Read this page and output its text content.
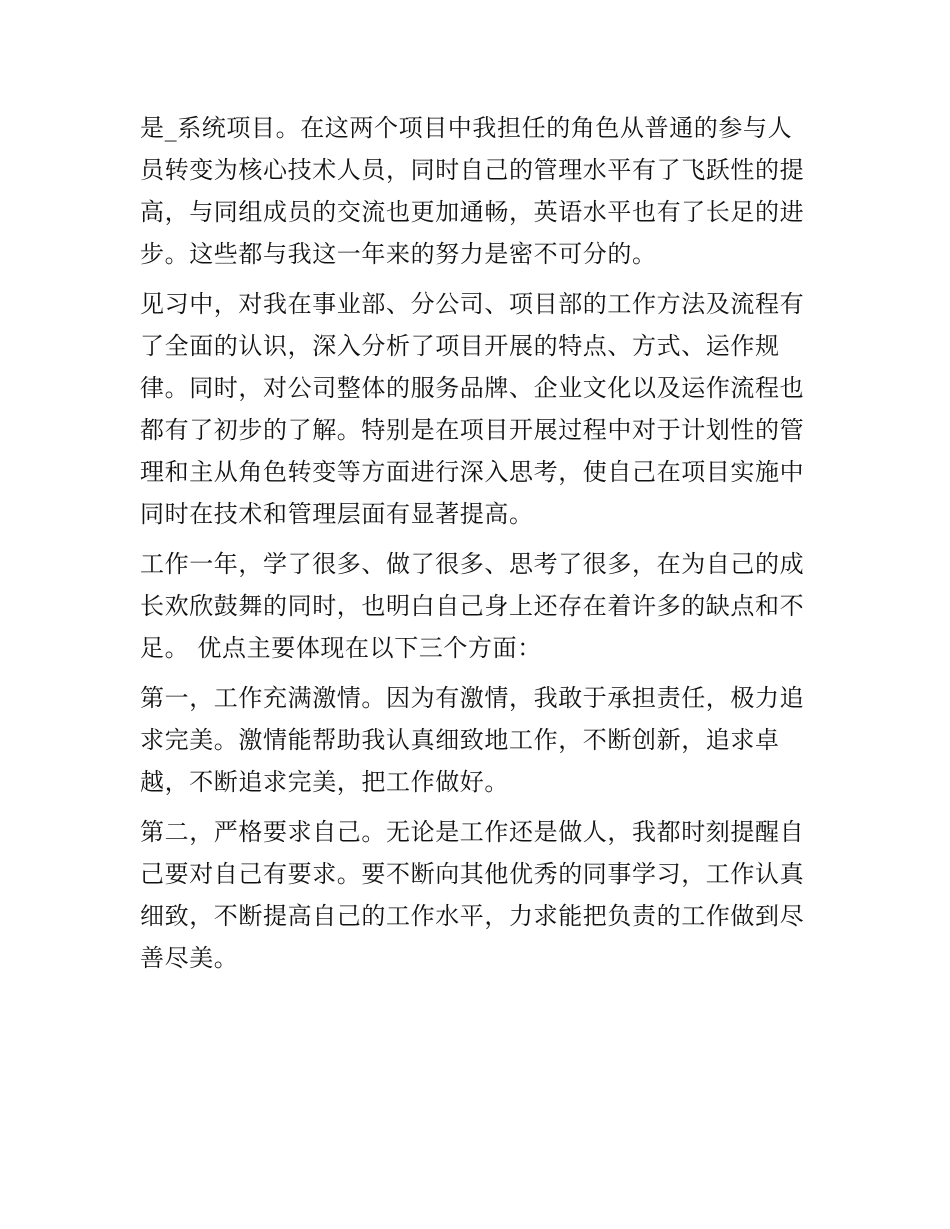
是_系统项目。在这两个项目中我担任的角色从普通的参与人
员转变为核心技术人员，同时自己的管理水平有了飞跃性的提
高，与同组成员的交流也更加通畅，英语水平也有了长足的进
步。这些都与我这一年来的努力是密不可分的。
见习中，对我在事业部、分公司、项目部的工作方法及流程有
了全面的认识，深入分析了项目开展的特点、方式、运作规
律。同时，对公司整体的服务品牌、企业文化以及运作流程也
都有了初步的了解。特别是在项目开展过程中对于计划性的管
理和主从角色转变等方面进行深入思考，使自己在项目实施中
同时在技术和管理层面有显著提高。
工作一年，学了很多、做了很多、思考了很多，在为自己的成
长欢欣鼓舞的同时，也明白自己身上还存在着许多的缺点和不
足。 优点主要体现在以下三个方面：
第一，工作充满激情。因为有激情，我敢于承担责任，极力追
求完美。激情能帮助我认真细致地工作，不断创新，追求卓
越，不断追求完美，把工作做好。
第二，严格要求自己。无论是工作还是做人，我都时刻提醒自
己要对自己有要求。要不断向其他优秀的同事学习，工作认真
细致，不断提高自己的工作水平，力求能把负责的工作做到尽
善尽美。
